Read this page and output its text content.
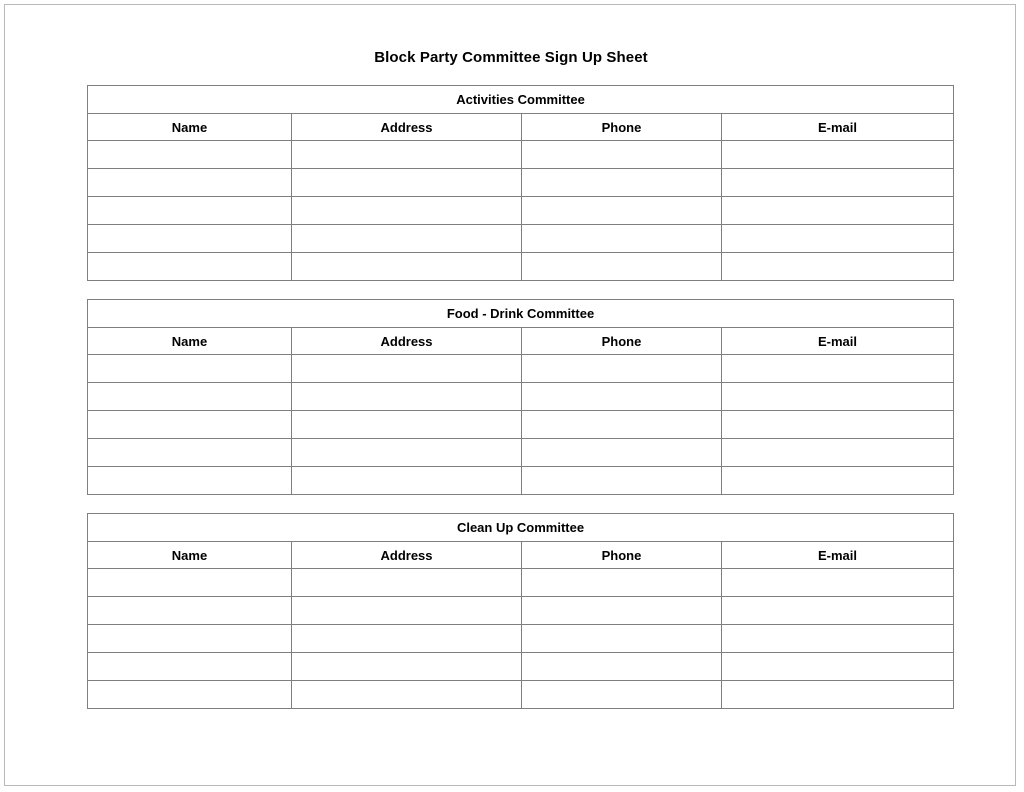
Block Party Committee Sign Up Sheet
Activities Committee			
Name	Address	Phone	E-mail

Food - Drink Committee			
Name	Address	Phone	E-mail

Clean Up Committee			
Name	Address	Phone	E-mail
